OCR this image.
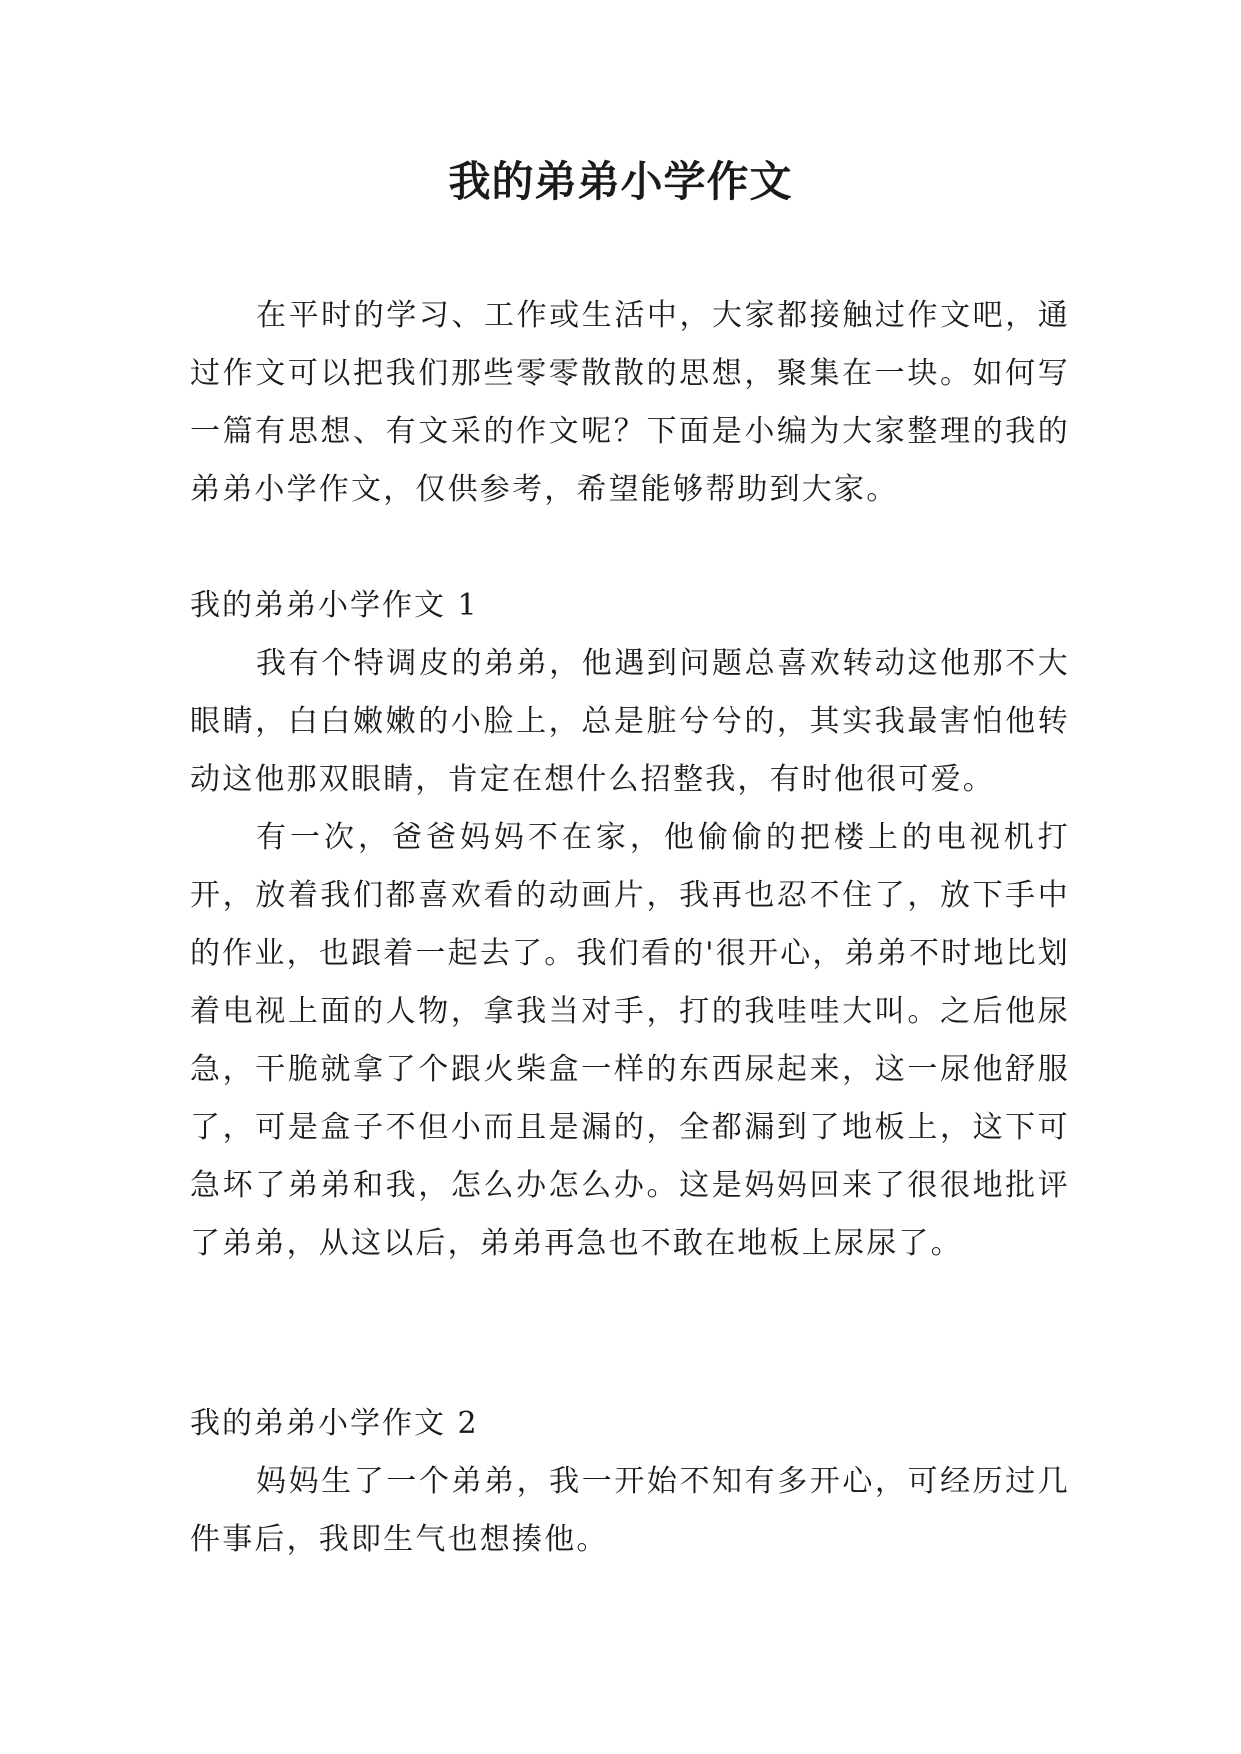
我的弟弟小学作文

在平时的学习、工作或生活中，大家都接触过作文吧，通过作文可以把我们那些零零散散的思想，聚集在一块。如何写一篇有思想、有文采的作文呢？下面是小编为大家整理的我的弟弟小学作文，仅供参考，希望能够帮助到大家。

我的弟弟小学作文 1

我有个特调皮的弟弟，他遇到问题总喜欢转动这他那不大眼睛，白白嫩嫩的小脸上，总是脏兮兮的，其实我最害怕他转动这他那双眼睛，肯定在想什么招整我，有时他很可爱。

有一次，爸爸妈妈不在家，他偷偷的把楼上的电视机打开，放着我们都喜欢看的动画片，我再也忍不住了，放下手中的作业，也跟着一起去了。我们看的'很开心，弟弟不时地比划着电视上面的人物，拿我当对手，打的我哇哇大叫。之后他尿急，干脆就拿了个跟火柴盒一样的东西尿起来，这一尿他舒服了，可是盒子不但小而且是漏的，全都漏到了地板上，这下可急坏了弟弟和我，怎么办怎么办。这是妈妈回来了很很地批评了弟弟，从这以后，弟弟再急也不敢在地板上尿尿了。

我的弟弟小学作文 2

妈妈生了一个弟弟，我一开始不知有多开心，可经历过几件事后，我即生气也想揍他。
